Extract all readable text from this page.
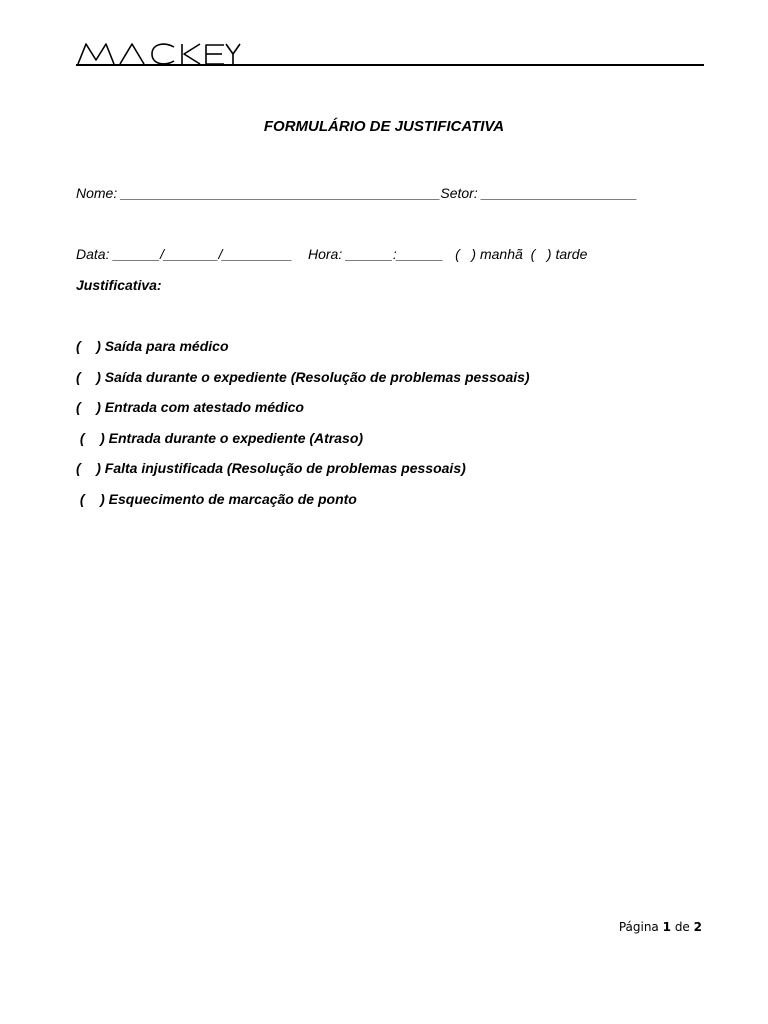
FORMULÁRIO DE JUSTIFICATIVA
Nome: _________________________________________Setor: ____________________
Data: ______/_______/_________    Hora: ______:______   (   ) manhã  (   ) tarde
Justificativa:
(    ) Saída para médico
(    ) Saída durante o expediente (Resolução de problemas pessoais)
(    ) Entrada com atestado médico
(    ) Entrada durante o expediente (Atraso)
(    ) Falta injustificada (Resolução de problemas pessoais)
(    ) Esquecimento de marcação de ponto
Página 1 de 2
